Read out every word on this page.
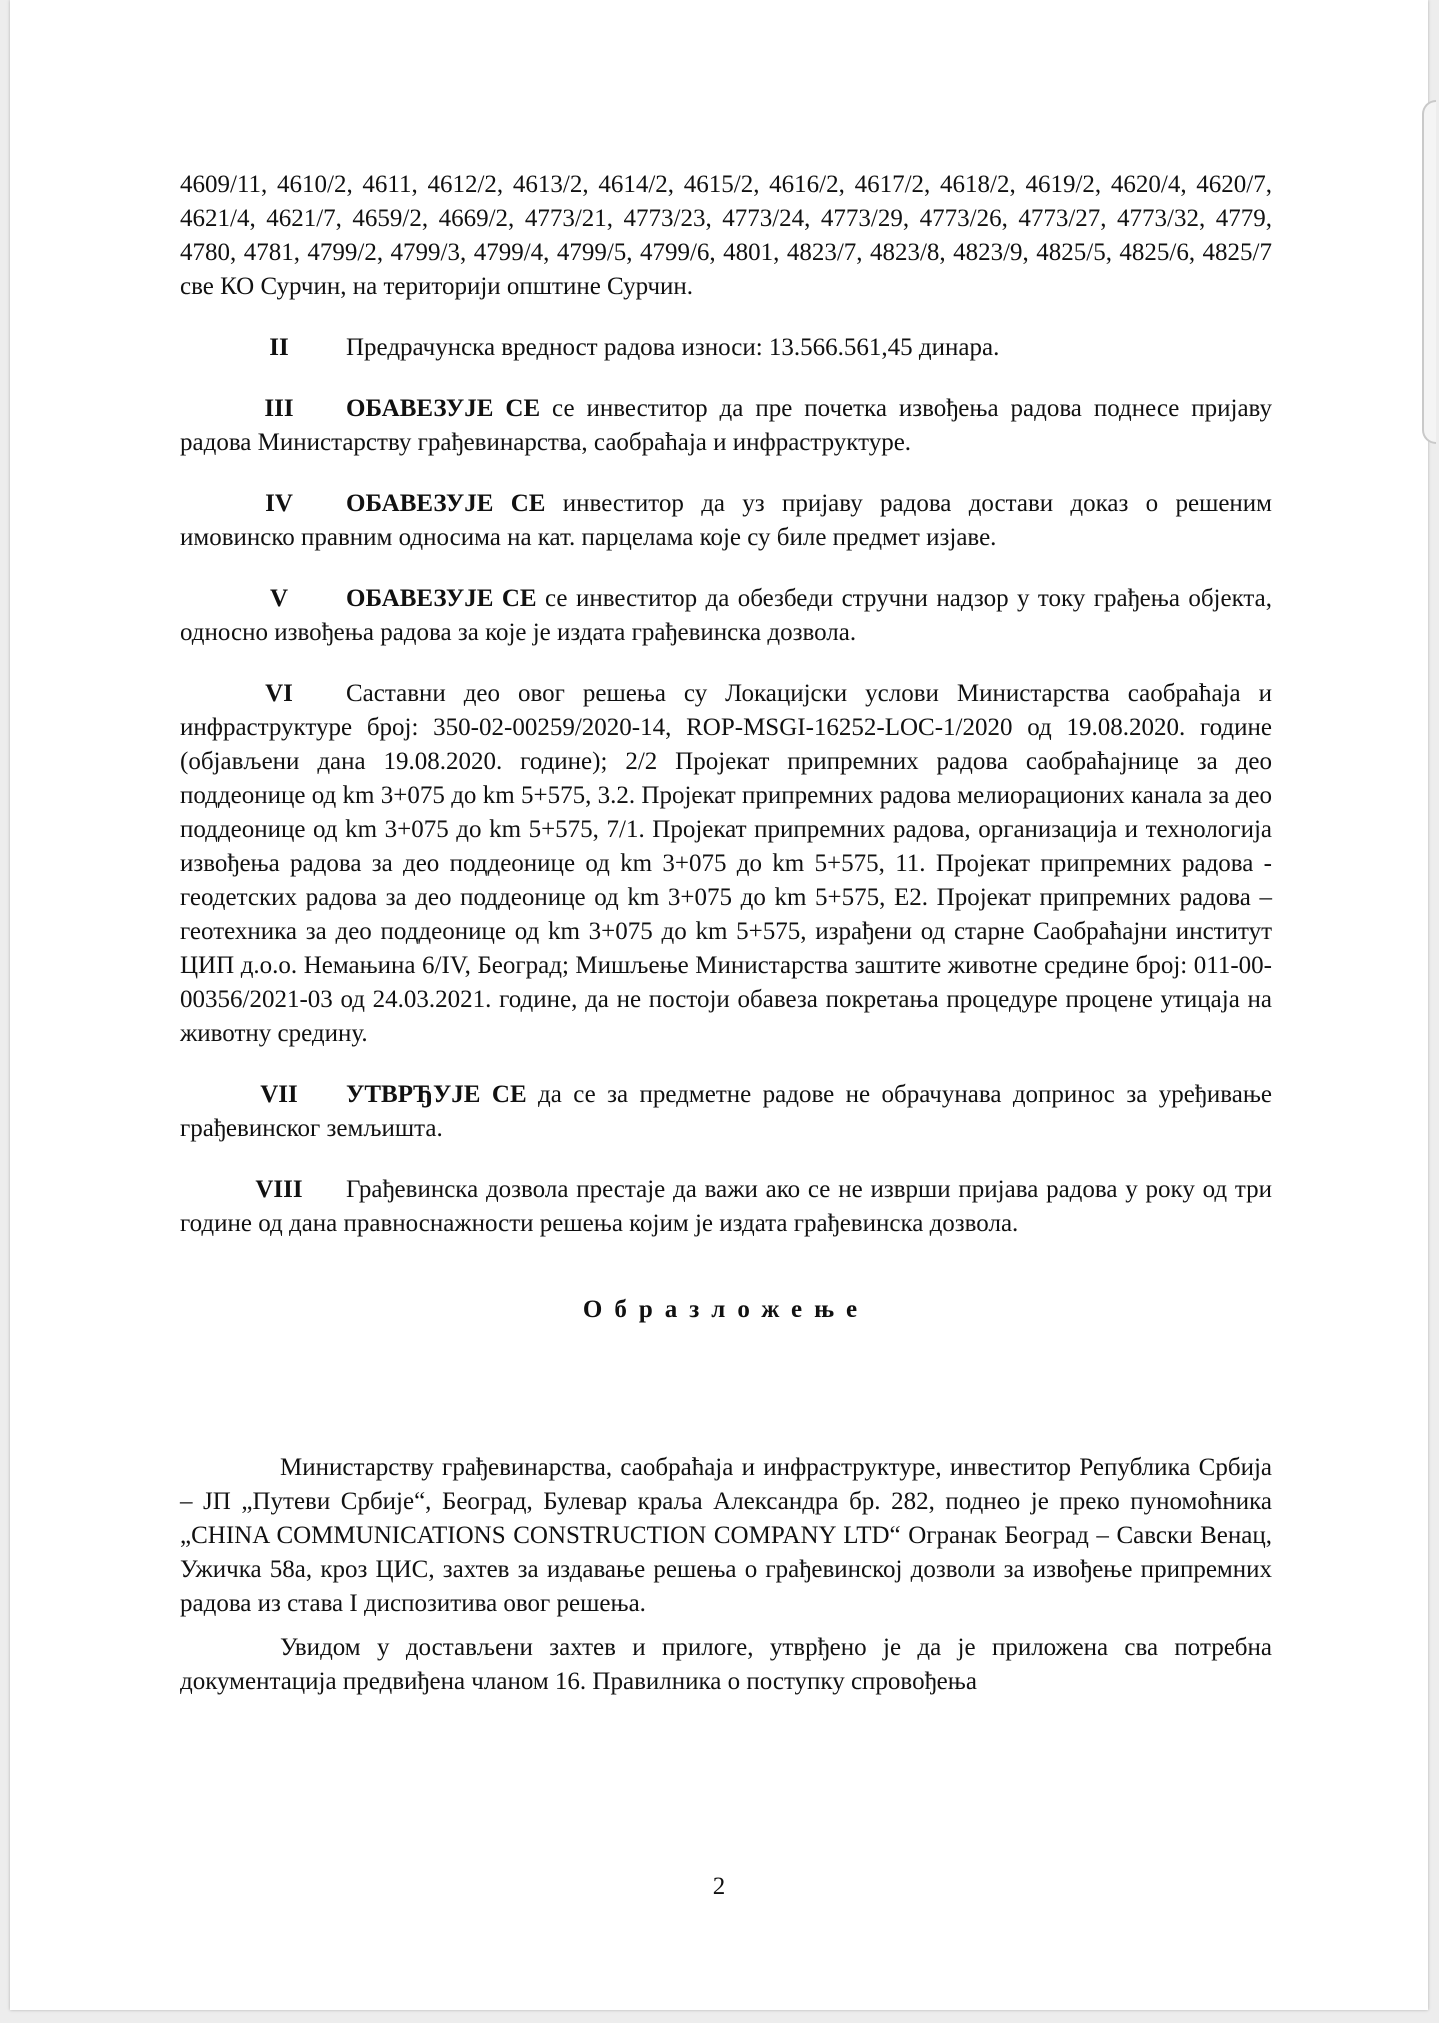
4609/11, 4610/2, 4611, 4612/2, 4613/2, 4614/2, 4615/2, 4616/2, 4617/2, 4618/2, 4619/2, 4620/4, 4620/7, 4621/4, 4621/7, 4659/2, 4669/2, 4773/21, 4773/23, 4773/24, 4773/29, 4773/26, 4773/27, 4773/32, 4779, 4780, 4781, 4799/2, 4799/3, 4799/4, 4799/5, 4799/6, 4801, 4823/7, 4823/8, 4823/9, 4825/5, 4825/6, 4825/7 све КО Сурчин, на територији општине Сурчин.

II Предрачунска вредност радова износи: 13.566.561,45 динара.

III ОБАВЕЗУЈЕ СЕ се инвеститор да пре почетка извођења радова поднесе пријаву радова Министарству грађевинарства, саобраћаја и инфраструктуре.

IV ОБАВЕЗУЈЕ СЕ инвеститор да уз пријаву радова достави доказ о решеним имовинско правним односима на кат. парцелама које су биле предмет изјаве.

V ОБАВЕЗУЈЕ СЕ се инвеститор да обезбеди стручни надзор у току грађења објекта, односно извођења радова за које је издата грађевинска дозвола.

VI Саставни део овог решења су Локацијски услови Министарства саобраћаја и инфраструктуре број: 350-02-00259/2020-14, ROP-MSGI-16252-LOC-1/2020 од 19.08.2020. године (објављени дана 19.08.2020. године); 2/2 Пројекат припремних радова саобраћајнице за део поддеонице од km 3+075 до km 5+575, 3.2. Пројекат припремних радова мелиорационих канала за део поддеонице од km 3+075 до km 5+575, 7/1. Пројекат припремних радова, организација и технологија извођења радова за део поддеонице од km 3+075 до km 5+575, 11. Пројекат припремних радова - геодетских радова за део поддеонице од km 3+075 до km 5+575, Е2. Пројекат припремних радова – геотехника за део поддеонице од km 3+075 до km 5+575, израђени од старне Саобраћајни институт ЦИП д.о.о. Немањина 6/IV, Београд; Мишљење Министарства заштите животне средине број: 011-00-00356/2021-03 од 24.03.2021. године, да не постоји обавеза покретања процедуре процене утицаја на животну средину.

VII УТВРЂУЈЕ СЕ да се за предметне радове не обрачунава допринос за уређивање грађевинског земљишта.

VIII Грађевинска дозвола престаје да важи ако се не изврши пријава радова у року од три године од дана правноснажности решења којим је издата грађевинска дозвола.

Образложење

Министарству грађевинарства, саобраћаја и инфраструктуре, инвеститор Република Србија – ЈП „Путеви Србије“, Београд, Булевар краља Александра бр. 282, поднео је преко пуномоћника „CHINA COMMUNICATIONS CONSTRUCTION COMPANY LTD“ Огранак Београд – Савски Венац, Ужичка 58а, кроз ЦИС, захтев за издавање решења о грађевинској дозволи за извођење припремних радова из става I диспозитива овог решења.

Увидом у достављени захтев и прилоге, утврђено је да је приложена сва потребна документација предвиђена чланом 16. Правилника о поступку спровођења

2
